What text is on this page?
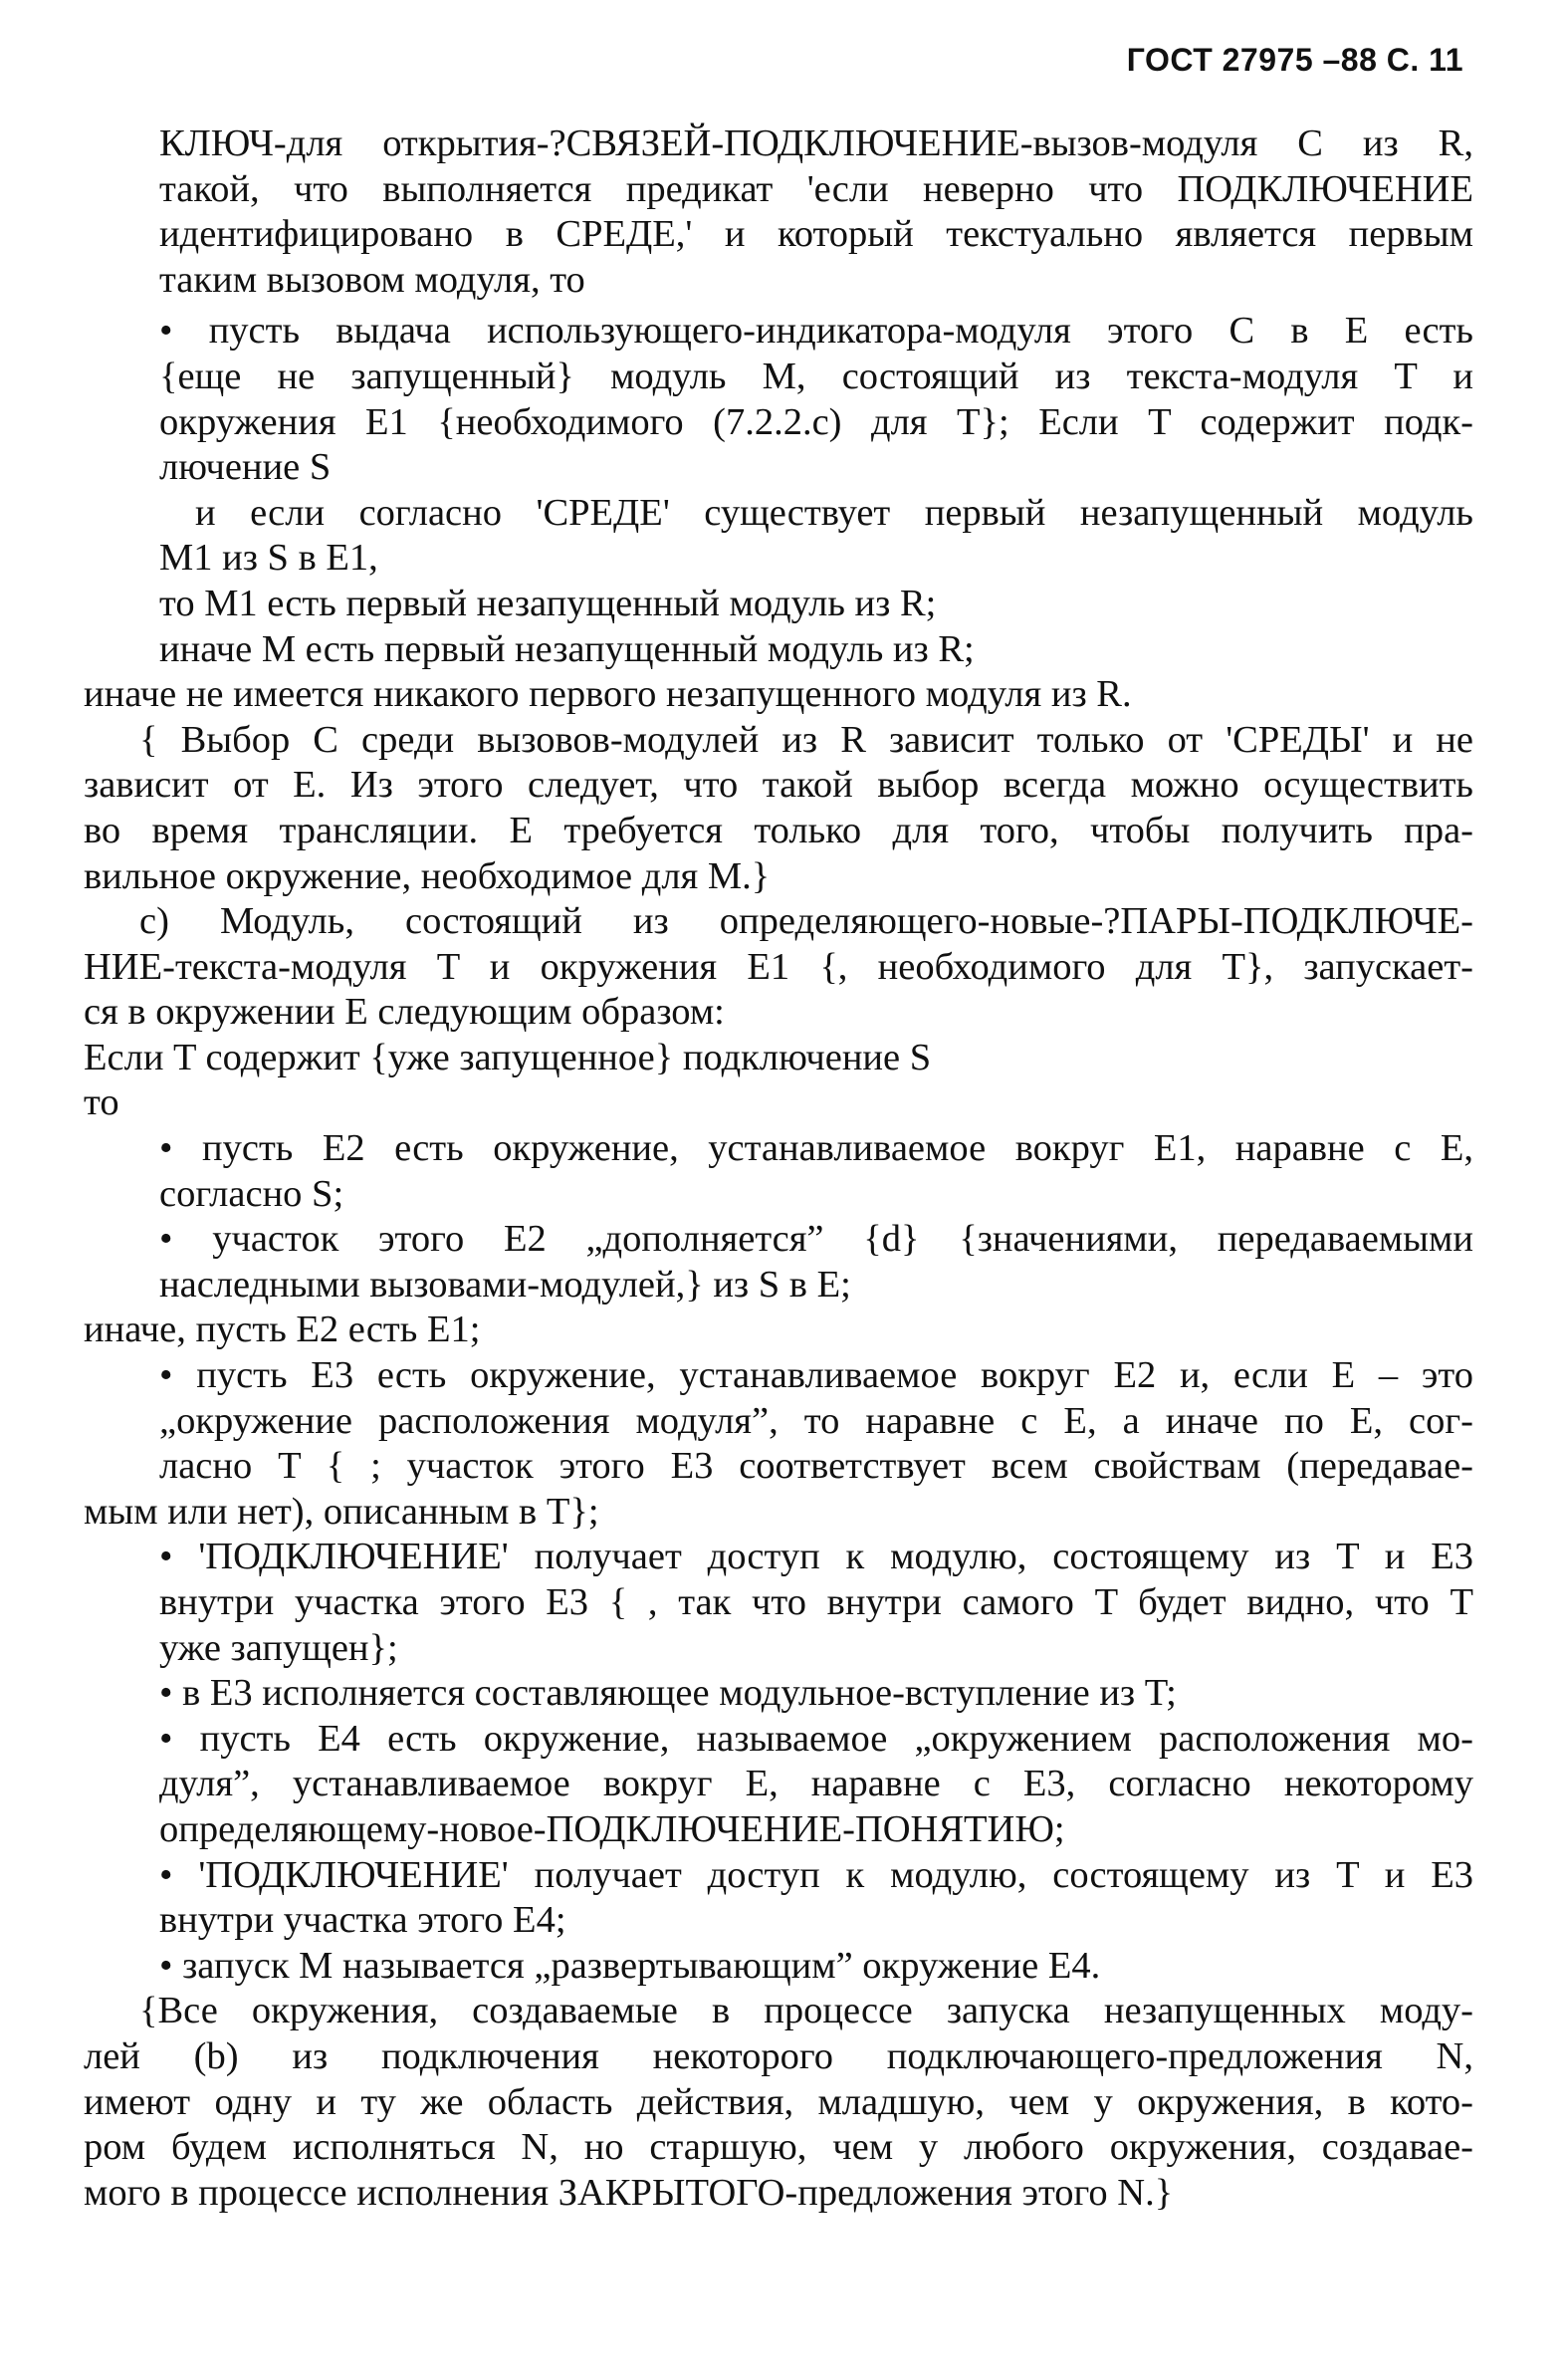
ГОСТ 27975 –88 С. 11
КЛЮЧ-для открытия-?СВЯЗЕЙ-ПОДКЛЮЧЕНИЕ-вызов-модуля C из R,
такой, что выполняется предикат 'если неверно что ПОДКЛЮЧЕНИЕ
идентифицировано в СРЕДЕ,' и который текстуально является первым
таким вызовом модуля, то
• пусть выдача использующего-индикатора-модуля этого C в E есть
{еще не запущенный} модуль M, состоящий из текста-модуля T и
окружения E1 {необходимого (7.2.2.c) для T}; Если T содержит подк-
лючение S
и если согласно 'СРЕДЕ' существует первый незапущенный модуль
M1 из S в E1,
то M1 есть первый незапущенный модуль из R;
иначе M есть первый незапущенный модуль из R;
иначе не имеется никакого первого незапущенного модуля из R.
{ Выбор C среди вызовов-модулей из R зависит только от 'СРЕДЫ' и не
зависит от E. Из этого следует, что такой выбор всегда можно осуществить
во время трансляции. E требуется только для того, чтобы получить пра-
вильное окружение, необходимое для M.}
c) Модуль, состоящий из определяющего-новые-?ПАРЫ-ПОДКЛЮЧЕ-
НИЕ-текста-модуля T и окружения E1 {, необходимого для T}, запускает-
ся в окружении E следующим образом:
Если T содержит {уже запущенное} подключение S
то
• пусть E2 есть окружение, устанавливаемое вокруг E1, наравне с E,
согласно S;
• участок этого E2 „дополняется” {d} {значениями, передаваемыми
наследными вызовами-модулей,} из S в E;
иначе, пусть E2 есть E1;
• пусть E3 есть окружение, устанавливаемое вокруг E2 и, если E – это
„окружение расположения модуля”, то наравне с E, а иначе по E, сог-
ласно T { ; участок этого E3 соответствует всем свойствам (передавае-
мым или нет), описанным в T};
• 'ПОДКЛЮЧЕНИЕ' получает доступ к модулю, состоящему из T и E3
внутри участка этого E3 { , так что внутри самого T будет видно, что T
уже запущен};
• в E3 исполняется составляющее модульное-вступление из T;
• пусть E4 есть окружение, называемое „окружением расположения мо-
дуля”, устанавливаемое вокруг E, наравне с E3, согласно некоторому
определяющему-новое-ПОДКЛЮЧЕНИЕ-ПОНЯТИЮ;
• 'ПОДКЛЮЧЕНИЕ' получает доступ к модулю, состоящему из T и E3
внутри участка этого E4;
• запуск M называется „развертывающим” окружение E4.
{Все окружения, создаваемые в процессе запуска незапущенных моду-
лей (b) из подключения некоторого подключающего-предложения N,
имеют одну и ту же область действия, младшую, чем у окружения, в кото-
ром будем исполняться N, но старшую, чем у любого окружения, создавае-
мого в процессе исполнения ЗАКРЫТОГО-предложения этого N.}
